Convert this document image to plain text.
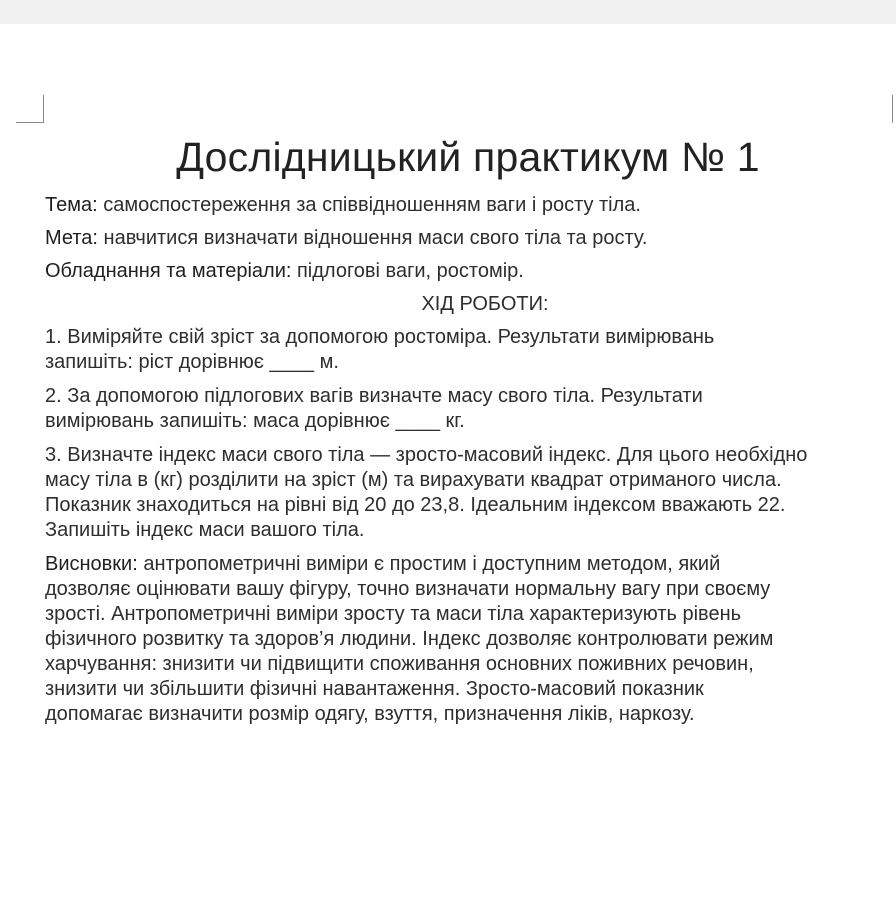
Дослідницький практикум № 1
Тема: самоспостереження за співвідношенням ваги і росту тіла.
Мета: навчитися визначати відношення маси свого тіла та росту.
Обладнання та матеріали: підлогові ваги, ростомір.
ХІД РОБОТИ:
1. Виміряйте свій зріст за допомогою ростоміра. Результати вимірювань
запишіть: ріст дорівнює ____ м.
2. За допомогою підлогових вагів визначте масу свого тіла. Результати
вимірювань запишіть: маса дорівнює ____ кг.
3. Визначте індекс маси свого тіла — зросто-масовий індекс. Для цього необхідно
масу тіла в (кг) розділити на зріст (м) та вирахувати квадрат отриманого числа.
Показник знаходиться на рівні від 20 до 23,8. Ідеальним індексом вважають 22.
Запишіть індекс маси вашого тіла.
Висновки: антропометричні виміри є простим і доступним методом, який
дозволяє оцінювати вашу фігуру, точно визначати нормальну вагу при своєму
зрості. Антропометричні виміри зросту та маси тіла характеризують рівень
фізичного розвитку та здоров’я людини. Індекс дозволяє контролювати режим
харчування: знизити чи підвищити споживання основних поживних речовин,
знизити чи збільшити фізичні навантаження. Зросто-масовий показник
допомагає визначити розмір одягу, взуття, призначення ліків, наркозу.
